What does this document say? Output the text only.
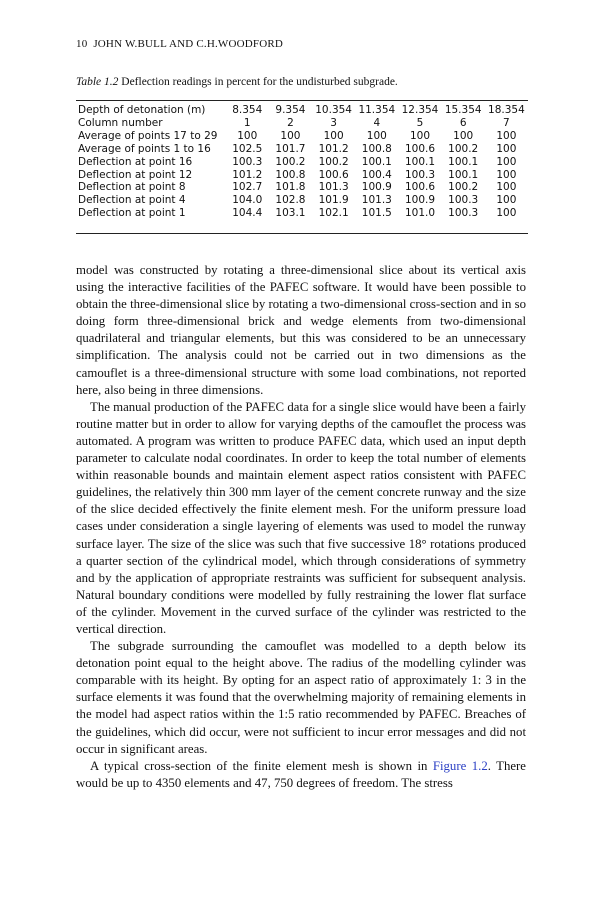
10 JOHN W.BULL AND C.H.WOODFORD
Table 1.2 Deflection readings in percent for the undisturbed subgrade.
Depth of detonation (m)	8.354	9.354	10.354	11.354	12.354	15.354	18.354
Column number	1	2	3	4	5	6	7
Average of points 17 to 29	100	100	100	100	100	100	100
Average of points 1 to 16	102.5	101.7	101.2	100.8	100.6	100.2	100
Deflection at point 16	100.3	100.2	100.2	100.1	100.1	100.1	100
Deflection at point 12	101.2	100.8	100.6	100.4	100.3	100.1	100
Deflection at point 8	102.7	101.8	101.3	100.9	100.6	100.2	100
Deflection at point 4	104.0	102.8	101.9	101.3	100.9	100.3	100
Deflection at point 1	104.4	103.1	102.1	101.5	101.0	100.3	100

model was constructed by rotating a three-dimensional slice about its vertical axis using the interactive facilities of the PAFEC software. It would have been possible to obtain the three-dimensional slice by rotating a two-dimensional cross-section and in so doing form three-dimensional brick and wedge elements from two-dimensional quadrilateral and triangular elements, but this was considered to be an unnecessary simplification. The analysis could not be carried out in two dimensions as the camouflet is a three-dimensional structure with some load combinations, not reported here, also being in three dimensions.

The manual production of the PAFEC data for a single slice would have been a fairly routine matter but in order to allow for varying depths of the camouflet the process was automated. A program was written to produce PAFEC data, which used an input depth parameter to calculate nodal coordinates. In order to keep the total number of elements within reasonable bounds and maintain element aspect ratios consistent with PAFEC guidelines, the relatively thin 300 mm layer of the cement concrete runway and the size of the slice decided effectively the finite element mesh. For the uniform pressure load cases under consideration a single layering of elements was used to model the runway surface layer. The size of the slice was such that five successive 18° rotations produced a quarter section of the cylindrical model, which through considerations of symmetry and by the application of appropriate restraints was sufficient for subsequent analysis. Natural boundary conditions were modelled by fully restraining the lower flat surface of the cylinder. Movement in the curved surface of the cylinder was restricted to the vertical direction.

The subgrade surrounding the camouflet was modelled to a depth below its detonation point equal to the height above. The radius of the modelling cylinder was comparable with its height. By opting for an aspect ratio of approximately 1: 3 in the surface elements it was found that the overwhelming majority of remaining elements in the model had aspect ratios within the 1:5 ratio recommended by PAFEC. Breaches of the guidelines, which did occur, were not sufficient to incur error messages and did not occur in significant areas.

A typical cross-section of the finite element mesh is shown in Figure 1.2. There would be up to 4350 elements and 47, 750 degrees of freedom. The stress
